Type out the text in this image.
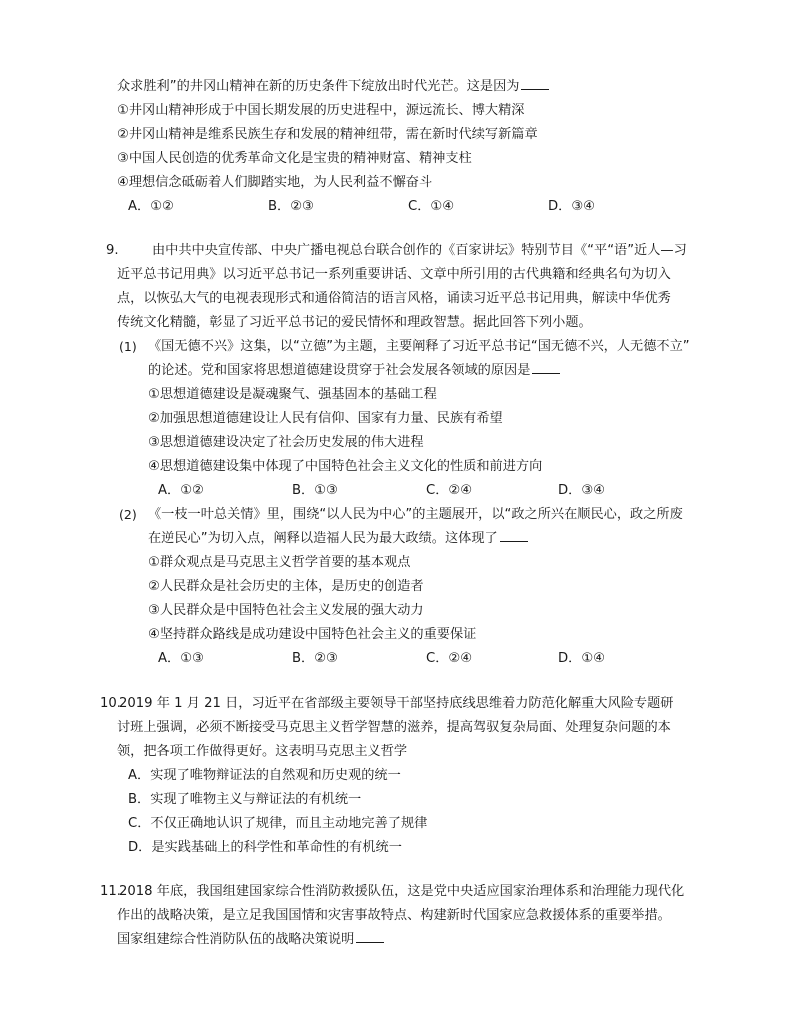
众求胜利”的井冈山精神在新的历史条件下绽放出时代光芒。这是因为
①井冈山精神形成于中国长期发展的历史进程中，源远流长、博大精深
②井冈山精神是维系民族生存和发展的精神纽带，需在新时代续写新篇章
③中国人民创造的优秀革命文化是宝贵的精神财富、精神支柱
④理想信念砥砺着人们脚踏实地，为人民利益不懈奋斗
A．①②	B．②③	C．①④	D．③④
9.	由中共中央宣传部、中央广播电视总台联合创作的《百家讲坛》特别节目《“平“语”近人—习
近平总书记用典》以习近平总书记一系列重要讲话、文章中所引用的古代典籍和经典名句为切入
点，以恢弘大气的电视表现形式和通俗简洁的语言风格，诵读习近平总书记用典，解读中华优秀
传统文化精髓，彰显了习近平总书记的爱民情怀和理政智慧。据此回答下列小题。
(1) 《国无德不兴》这集，以“立德”为主题，主要阐释了习近平总书记“国无德不兴，人无德不立”
的论述。党和国家将思想道德建设贯穿于社会发展各领域的原因是
①思想道德建设是凝魂聚气、强基固本的基础工程
②加强思想道德建设让人民有信仰、国家有力量、民族有希望
③思想道德建设决定了社会历史发展的伟大进程
④思想道德建设集中体现了中国特色社会主义文化的性质和前进方向
A．①②	B．①③	C．②④	D．③④
(2) 《一枝一叶总关情》里，围绕“以人民为中心”的主题展开，以“政之所兴在顺民心，政之所废
在逆民心”为切入点，阐释以造福人民为最大政绩。这体现了
①群众观点是马克思主义哲学首要的基本观点
②人民群众是社会历史的主体，是历史的创造者
③人民群众是中国特色社会主义发展的强大动力
④坚持群众路线是成功建设中国特色社会主义的重要保证
A．①③	B．②③	C．②④	D．①④
10.
2019 年 1 月 21 日，习近平在省部级主要领导干部坚持底线思维着力防范化解重大风险专题研
讨班上强调，必须不断接受马克思主义哲学智慧的滋养，提高驾驭复杂局面、处理复杂问题的本
领，把各项工作做得更好。这表明马克思主义哲学
A．实现了唯物辩证法的自然观和历史观的统一
B．实现了唯物主义与辩证法的有机统一
C．不仅正确地认识了规律，而且主动地完善了规律
D．是实践基础上的科学性和革命性的有机统一
11.
2018 年底，我国组建国家综合性消防救援队伍，这是党中央适应国家治理体系和治理能力现代化
作出的战略决策，是立足我国国情和灾害事故特点、构建新时代国家应急救援体系的重要举措。
国家组建综合性消防队伍的战略决策说明
